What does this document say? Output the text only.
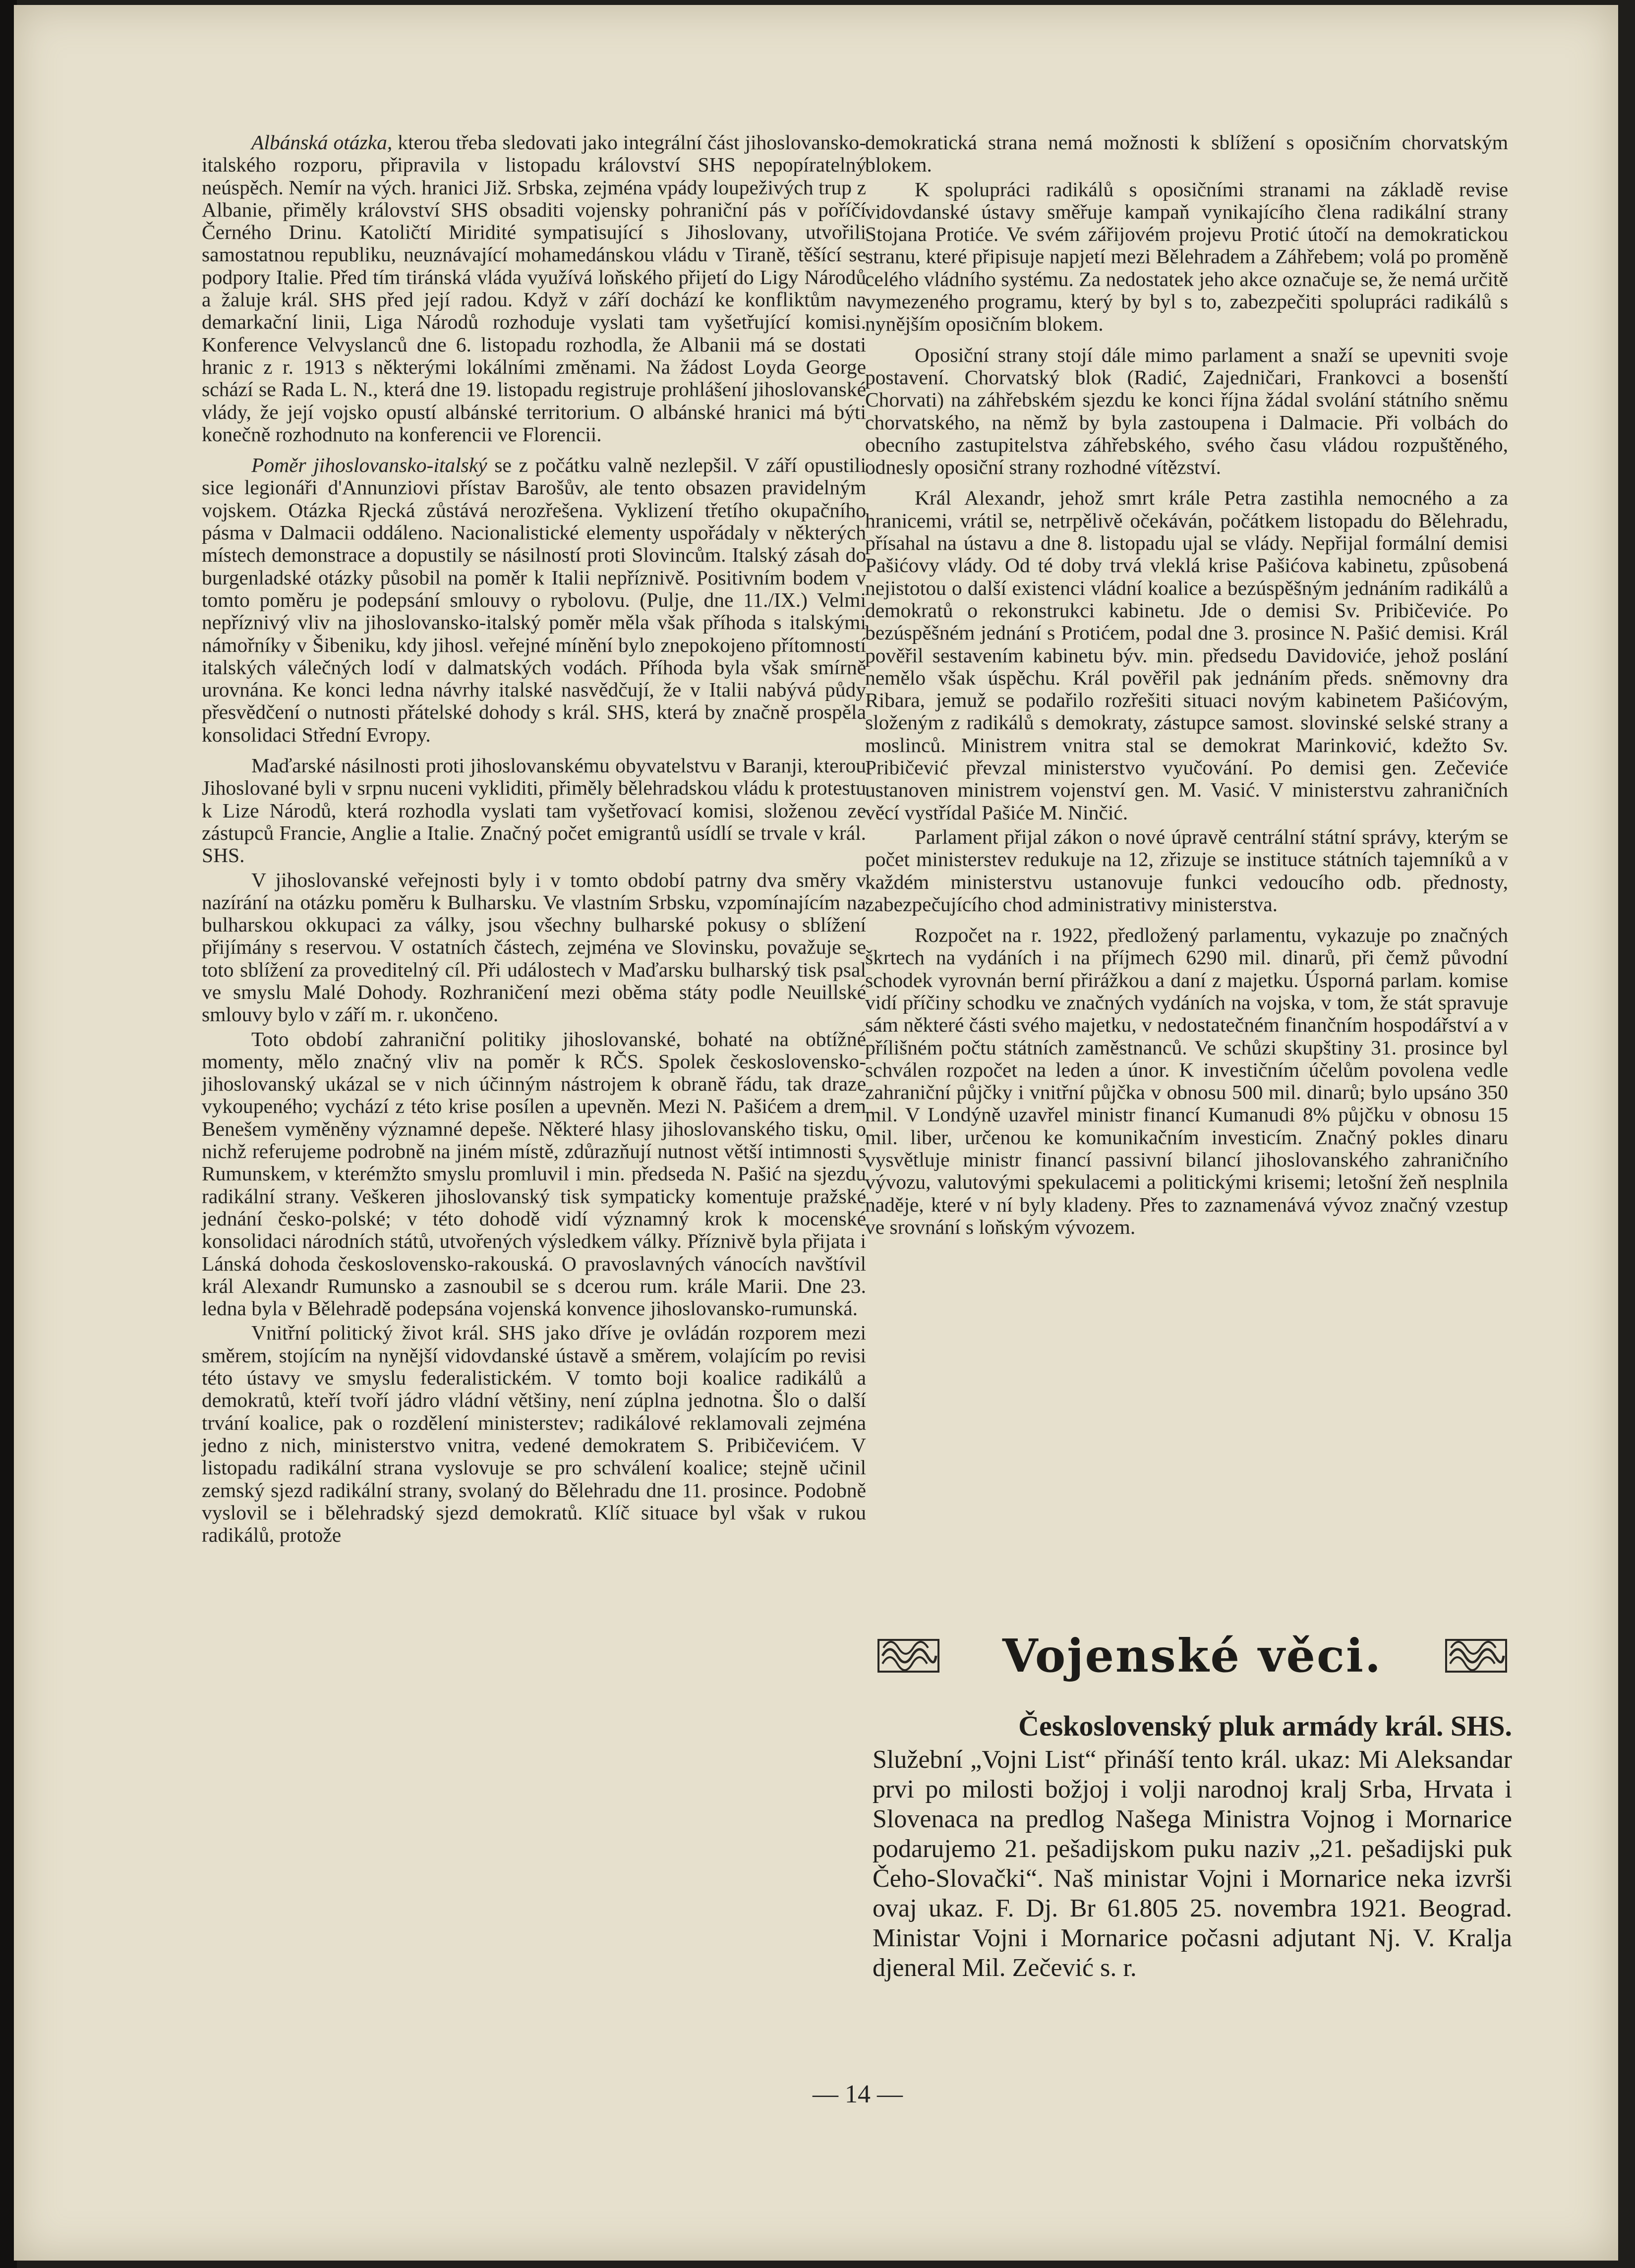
Albánská otázka, kterou třeba sledovati jako integrální část jihoslovansko-italského rozporu, připravila v listopadu království SHS nepopíratelný neúspěch. Nemír na vých. hranici Již. Srbska, zejména vpády loupeživých trup z Albanie, přiměly království SHS obsaditi vojensky pohraniční pás v poříčí Černého Drinu. Katoličtí Miridité sympatisující s Jihoslovany, utvořili samostatnou republiku, neuznávající mohamedánskou vládu v Tiraně, těšící se podpory Italie. Před tím tiránská vláda využívá loňského přijetí do Ligy Národů a žaluje král. SHS před její radou. Když v září dochází ke konfliktům na demarkační linii, Liga Národů rozhoduje vyslati tam vyšetřující komisi. Konference Velvyslanců dne 6. listopadu rozhodla, že Albanii má se dostati hranic z r. 1913 s některými lokálními změnami. Na žádost Loyda George schází se Rada L. N., která dne 19. listopadu registruje prohlášení jihoslovanské vlády, že její vojsko opustí albánské territorium. O albánské hranici má býti konečně rozhodnuto na konferencii ve Florencii.

Poměr jihoslovansko-italský se z počátku valně nezlepšil. V září opustili sice legionáři d'Annunziovi přístav Barošův, ale tento obsazen pravidelným vojskem. Otázka Rjecká zůstává nerozřešena. Vyklizení třetího okupačního pásma v Dalmacii oddáleno. Nacionalistické elementy uspořádaly v některých místech demonstrace a dopustily se násilností proti Slovincům. Italský zásah do burgenladské otázky působil na poměr k Italii nepříznivě. Positivním bodem v tomto poměru je podepsání smlouvy o rybolovu. (Pulje, dne 11./IX.) Velmi nepříznivý vliv na jihoslovansko-italský poměr měla však příhoda s italskými námořníky v Šibeniku, kdy jihosl. veřejné mínění bylo znepokojeno přítomností italských válečných lodí v dalmatských vodách. Příhoda byla však smírně urovnána. Ke konci ledna návrhy italské nasvědčují, že v Italii nabývá půdy přesvědčení o nutnosti přátelské dohody s král. SHS, která by značně prospěla konsolidaci Střední Evropy.

Maďarské násilnosti proti jihoslovanskému obyvatelstvu v Baranji, kterou Jihoslované byli v srpnu nuceni vykliditi, přiměly bělehradskou vládu k protestu k Lize Národů, která rozhodla vyslati tam vyšetřovací komisi, složenou ze zástupců Francie, Anglie a Italie. Značný počet emigrantů usídlí se trvale v král. SHS.

V jihoslovanské veřejnosti byly i v tomto období patrny dva směry v nazírání na otázku poměru k Bulharsku. Ve vlastním Srbsku, vzpomínajícím na bulharskou okkupaci za války, jsou všechny bulharské pokusy o sblížení přijímány s reservou. V ostatních částech, zejména ve Slovinsku, považuje se toto sblížení za proveditelný cíl. Při událostech v Maďarsku bulharský tisk psal ve smyslu Malé Dohody. Rozhraničení mezi oběma státy podle Neuillské smlouvy bylo v září m. r. ukončeno.

Toto období zahraniční politiky jihoslovanské, bohaté na obtížné momenty, mělo značný vliv na poměr k RČS. Spolek československo-jihoslovanský ukázal se v nich účinným nástrojem k obraně řádu, tak draze vykoupeného; vychází z této krise posílen a upevněn. Mezi N. Pašićem a drem Benešem vyměněny významné depeše. Některé hlasy jihoslovanského tisku, o nichž referujeme podrobně na jiném místě, zdůrazňují nutnost větší intimnosti s Rumunskem, v kterémžto smyslu promluvil i min. předseda N. Pašić na sjezdu radikální strany. Veškeren jihoslovanský tisk sympaticky komentuje pražské jednání česko-polské; v této dohodě vidí významný krok k mocenské konsolidaci národních států, utvořených výsledkem války. Příznivě byla přijata i Lánská dohoda československo-rakouská. O pravoslavných vánocích navštívil král Alexandr Rumunsko a zasnoubil se s dcerou rum. krále Marii. Dne 23. ledna byla v Bělehradě podepsána vojenská konvence jihoslovansko-rumunská.

Vnitřní politický život král. SHS jako dříve je ovládán rozporem mezi směrem, stojícím na nynější vidovdanské ústavě a směrem, volajícím po revisi této ústavy ve smyslu federalistickém. V tomto boji koalice radikálů a demokratů, kteří tvoří jádro vládní většiny, není zúplna jednotna. Šlo o další trvání koalice, pak o rozdělení ministerstev; radikálové reklamovali zejména jedno z nich, ministerstvo vnitra, vedené demokratem S. Pribičevićem. V listopadu radikální strana vyslovuje se pro schválení koalice; stejně učinil zemský sjezd radikální strany, svolaný do Bělehradu dne 11. prosince. Podobně vyslovil se i bělehradský sjezd demokratů. Klíč situace byl však v rukou radikálů, protože

demokratická strana nemá možnosti k sblížení s oposičním chorvatským blokem.

K spolupráci radikálů s oposičními stranami na základě revise vidovdanské ústavy směřuje kampaň vynikajícího člena radikální strany Stojana Protiće. Ve svém zářijovém projevu Protić útočí na demokratickou stranu, které připisuje napjetí mezi Bělehradem a Záhřebem; volá po proměně celého vládního systému. Za nedostatek jeho akce označuje se, že nemá určitě vymezeného programu, který by byl s to, zabezpečiti spolupráci radikálů s nynějším oposičním blokem.

Oposiční strany stojí dále mimo parlament a snaží se upevniti svoje postavení. Chorvatský blok (Radić, Zajedničari, Frankovci a bosenští Chorvati) na záhřebském sjezdu ke konci října žádal svolání státního sněmu chorvatského, na němž by byla zastoupena i Dalmacie. Při volbách do obecního zastupitelstva záhřebského, svého času vládou rozpuštěného, odnesly oposiční strany rozhodné vítězství.

Král Alexandr, jehož smrt krále Petra zastihla nemocného a za hranicemi, vrátil se, netrpělivě očekáván, počátkem listopadu do Bělehradu, přísahal na ústavu a dne 8. listopadu ujal se vlády. Nepřijal formální demisi Pašićovy vlády. Od té doby trvá vleklá krise Pašićova kabinetu, způsobená nejistotou o další existenci vládní koalice a bezúspěšným jednáním radikálů a demokratů o rekonstrukci kabinetu. Jde o demisi Sv. Pribičeviće. Po bezúspěšném jednání s Protićem, podal dne 3. prosince N. Pašić demisi. Král pověřil sestavením kabinetu býv. min. předsedu Davidoviće, jehož poslání nemělo však úspěchu. Král pověřil pak jednáním předs. sněmovny dra Ribara, jemuž se podařilo rozřešiti situaci novým kabinetem Pašićovým, složeným z radikálů s demokraty, zástupce samost. slovinské selské strany a moslinců. Ministrem vnitra stal se demokrat Marinković, kdežto Sv. Pribičević převzal ministerstvo vyučování. Po demisi gen. Zečeviće ustanoven ministrem vojenství gen. M. Vasić. V ministerstvu zahraničních věcí vystřídal Pašiće M. Ninčić.

Parlament přijal zákon o nové úpravě centrální státní správy, kterým se počet ministerstev redukuje na 12, zřizuje se instituce státních tajemníků a v každém ministerstvu ustanovuje funkci vedoucího odb. přednosty, zabezpečujícího chod administrativy ministerstva.

Rozpočet na r. 1922, předložený parlamentu, vykazuje po značných škrtech na vydáních i na příjmech 6290 mil. dinarů, při čemž původní schodek vyrovnán berní přirážkou a daní z majetku. Úsporná parlam. komise vidí příčiny schodku ve značných vydáních na vojska, v tom, že stát spravuje sám některé části svého majetku, v nedostatečném finančním hospodářství a v přílišném počtu státních zaměstnanců. Ve schůzi skupštiny 31. prosince byl schválen rozpočet na leden a únor. K investičním účelům povolena vedle zahraniční půjčky i vnitřní půjčka v obnosu 500 mil. dinarů; bylo upsáno 350 mil. V Londýně uzavřel ministr financí Kumanudi 8% půjčku v obnosu 15 mil. liber, určenou ke komunikačním investicím. Značný pokles dinaru vysvětluje ministr financí passivní bilancí jihoslovanského zahraničního vývozu, valutovými spekulacemi a politickými krisemi; letošní žeň nesplnila naděje, které v ní byly kladeny. Přes to zaznamenává vývoz značný vzestup ve srovnání s loňským vývozem.

Vojenské věci.
Československý pluk armády král. SHS.

Služební „Vojni List“ přináší tento král. ukaz: Mi Aleksandar prvi po milosti božjoj i volji narodnoj kralj Srba, Hrvata i Slovenaca na predlog Našega Ministra Vojnog i Mornarice podarujemo 21. pešadijskom puku naziv „21. pešadijski puk Čeho-Slovački“. Naš ministar Vojni i Mornarice neka izvrši ovaj ukaz. F. Dj. Br 61.805 25. novembra 1921. Beograd. Ministar Vojni i Mornarice počasni adjutant Nj. V. Kralja djeneral Mil. Zečević s. r.

— 14 —
